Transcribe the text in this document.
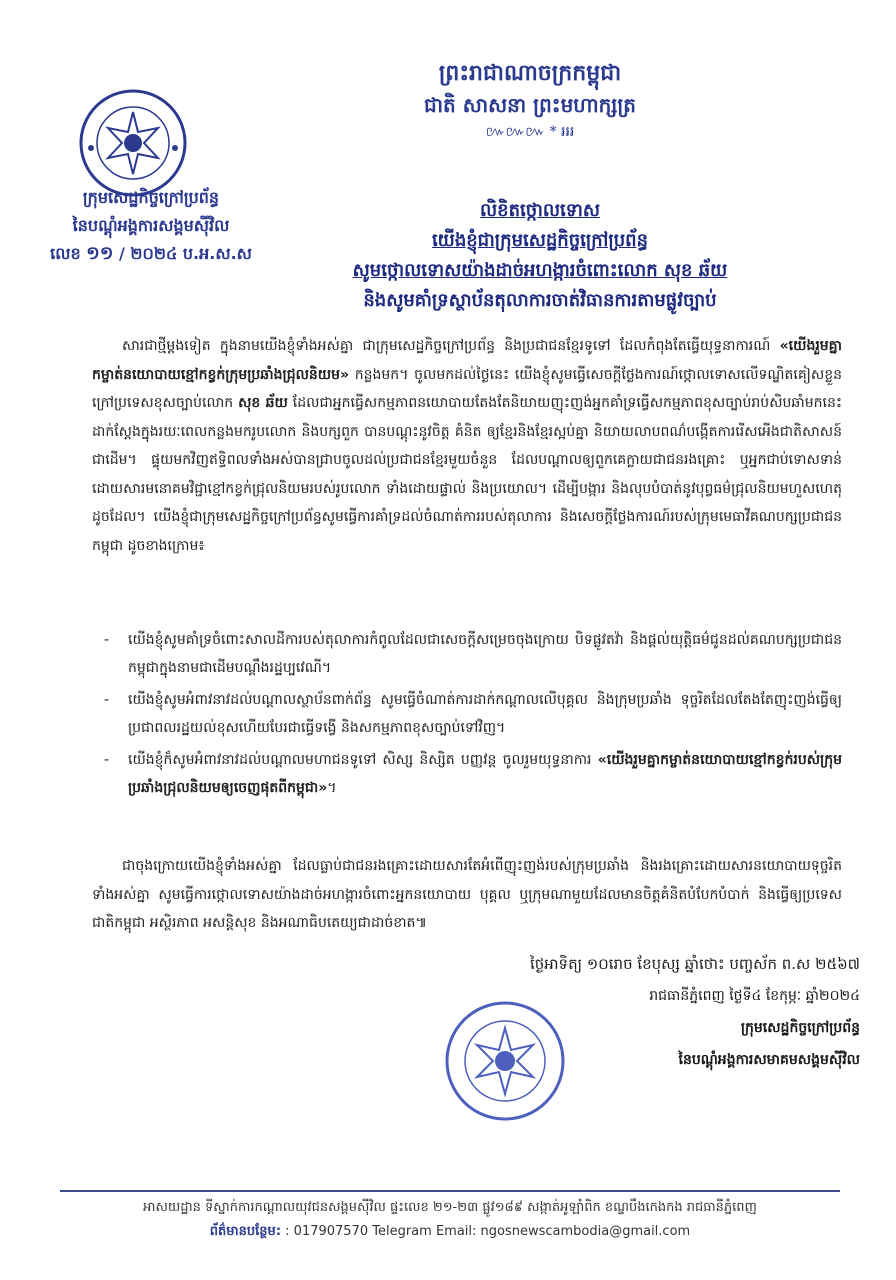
ព្រះរាជាណាចក្រកម្ពុជា
ជាតិ សាសនា ព្រះមហាក្សត្រ
៚៚៚ * ៛៛៛
ក្រុមសេដ្ឋកិច្ចក្រៅប្រព័ន្ធ
នៃបណ្តុំអង្គការសង្គមស៊ីវិល
លេខ ១១ / ២០២៤ ប.អ.ស.ស
លិខិតថ្កោលទោស
យើងខ្ញុំជាក្រុមសេដ្ឋកិច្ចក្រៅប្រព័ន្ធ
សូមថ្កោលទោសយ៉ាងដាច់អហង្ការចំពោះលោក សុខ ឆ័យ
និងសូមគាំទ្រស្ថាប័នតុលាការចាត់វិធានការតាមផ្លូវច្បាប់
សារជាថ្មីម្តងទៀត ក្នុងនាមយើងខ្ញុំទាំងអស់គ្នា ជាក្រុមសេដ្ឋកិច្ចក្រៅប្រព័ន្ធ និងប្រជាជនខ្មែរទូទៅ ដែលកំពុងតែធ្វើយុទ្ធនាការណ៍ «យើងរួមគ្នាកម្ចាត់នយោបាយខ្មៅកខ្វក់ក្រុមប្រឆាំងជ្រុលនិយម» កន្លងមក។ ចូលមកដល់ថ្ងៃនេះ យើងខ្ញុំសូមធ្វើសេចក្តីថ្លែងការណ៍ថ្កោលទោសលើទណ្ឌិតគៀសខ្លួនក្រៅប្រទេសខុសច្បាប់លោក សុខ ឆ័យ ដែលជាអ្នកធ្វើសកម្មភាពនយោបាយតែងតែនិយាយញុះញង់អ្នកគាំទ្រធ្វើសកម្មភាពខុសច្បាប់រាប់សិបឆាំមកនេះ ដាក់ស្តែងក្នុងរយៈពេលកន្លងមករូបលោក និងបក្សពួក បានបណ្តុះនូវចិត្ត គំនិត ឲ្យខ្មែរនិងខ្មែរស្អប់គ្នា និយាយលាបពណ៌បង្កើតការរើសអើងជាតិសាសន៍ជាដើម។ ផ្ទុយមកវិញឥទ្ធិពលទាំងអស់បានជ្រាបចូលដល់ប្រជាជនខ្មែរមួយចំនួន ដែលបណ្តាលឲ្យពួកគេក្លាយជាជនរងគ្រោះ ឬអ្នកជាប់ទោសទាន់ដោយសារមនោគមវិជ្ជាខ្មៅកខ្វក់ជ្រុលនិយមរបស់រូបលោក ទាំងដោយផ្ទាល់ និងប្រយោល។ ដើម្បីបង្ការ និងលុបបំបាត់នូវបុព្វធម៌ជ្រុលនិយមហួសហេតុដូចដែល។ យើងខ្ញុំជាក្រុមសេដ្ឋកិច្ចក្រៅប្រព័ន្ធសូមធ្វើការគាំទ្រដល់ចំណាត់ការរបស់តុលាការ និងសេចក្តីថ្លែងការណ៍របស់ក្រុមមេធាវីគណបក្សប្រជាជនកម្ពុជា ដូចខាងក្រោម៖
- យើងខ្ញុំសូមគាំទ្រចំពោះសាលដីការបស់តុលាការកំពូលដែលជាសេចក្តីសម្រេចចុងក្រោយ បិទផ្លូវតវ៉ា និងផ្តល់យុត្តិធម៌ជូនដល់គណបក្សប្រជាជនកម្ពុជាក្នុងនាមជាដើមបណ្តឹងរដ្ឋប្បវេណី។
- យើងខ្ញុំសូមអំពាវនាវដល់បណ្តាលស្ថាប័នពាក់ព័ន្ធ សូមធ្វើចំណាត់ការដាក់កណ្តាលលើបុគ្គល និងក្រុមប្រឆាំង ទុច្ចរិតដែលតែងតែញុះញង់ធ្វើឲ្យប្រជាពលរដ្ឋយល់ខុសហើយបែរជាធ្វើទង្វើ និងសកម្មភាពខុសច្បាប់ទៅវិញ។
- យើងខ្ញុំក៏សូមអំពាវនាវដល់បណ្តាលមហាជនទូទៅ សិស្ស និស្សិត បញ្ញវន្ត ចូលរួមយុទ្ធនាការ «យើងរួមគ្នាកម្ចាត់នយោបាយខ្មៅកខ្វក់របស់ក្រុមប្រឆាំងជ្រុលនិយមឲ្យចេញផុតពីកម្ពុជា»។
ជាចុងក្រោយយើងខ្ញុំទាំងអស់គ្នា ដែលធ្លាប់ជាជនរងគ្រោះដោយសារតែអំពើញុះញង់របស់ក្រុមប្រឆាំង និងរងគ្រោះដោយសារនយោបាយទុច្ចរិតទាំងអស់គ្នា សូមធ្វើការថ្កោលទោសយ៉ាងដាច់អហង្ការចំពោះអ្នកនយោបាយ បុគ្គល ឬក្រុមណាមួយដែលមានចិត្តគំនិតបំបែកបំបាក់ និងធ្វើឲ្យប្រទេសជាតិកម្ពុជា អស្ថិរភាព អសន្តិសុខ និងអណាធិបតេយ្យជាដាច់ខាត៕
ថ្ងៃអាទិត្យ ១០រោច ខែបុស្ស ឆ្នាំថោះ បញ្ចស័ក ព.ស ២៥៦៧
រាជធានីភ្នំពេញ ថ្ងៃទី៤ ខែកុម្ភៈ ឆ្នាំ២០២៤
ក្រុមសេដ្ឋកិច្ចក្រៅប្រព័ន្ធ
នៃបណ្តុំអង្គការសមាគមសង្គមស៊ីវិល
អាសយដ្ឋាន ទីស្នាក់ការកណ្តាលយុវជនសង្គមស៊ីវិល ផ្ទះលេខ ២១-២៣ ផ្លូវ១៨៩ សង្កាត់អូឡាំពិក ខណ្ឌបឹងកេងកង រាជធានីភ្នំពេញ
ព័ត៌មានបន្ថែម: : 017907570 Telegram Email: ngosnewscambodia@gmail.com
